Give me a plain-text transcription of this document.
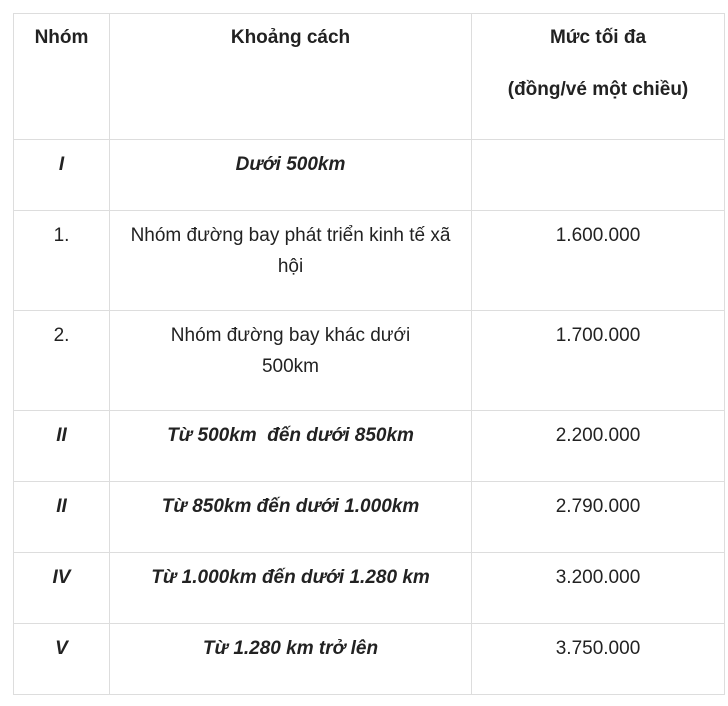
Nhóm	Khoảng cách	Mức tối đa
(đồng/vé một chiều)

I	Dưới 500km	
1.	Nhóm đường bay phát triển kinh tế xã hội	1.600.000
2.	Nhóm đường bay khác dưới 500km	1.700.000
II	Từ 500km  đến dưới 850km	2.200.000
II	Từ 850km đến dưới 1.000km	2.790.000
IV	Từ 1.000km đến dưới 1.280 km	3.200.000
V	Từ 1.280 km trở lên	3.750.000
